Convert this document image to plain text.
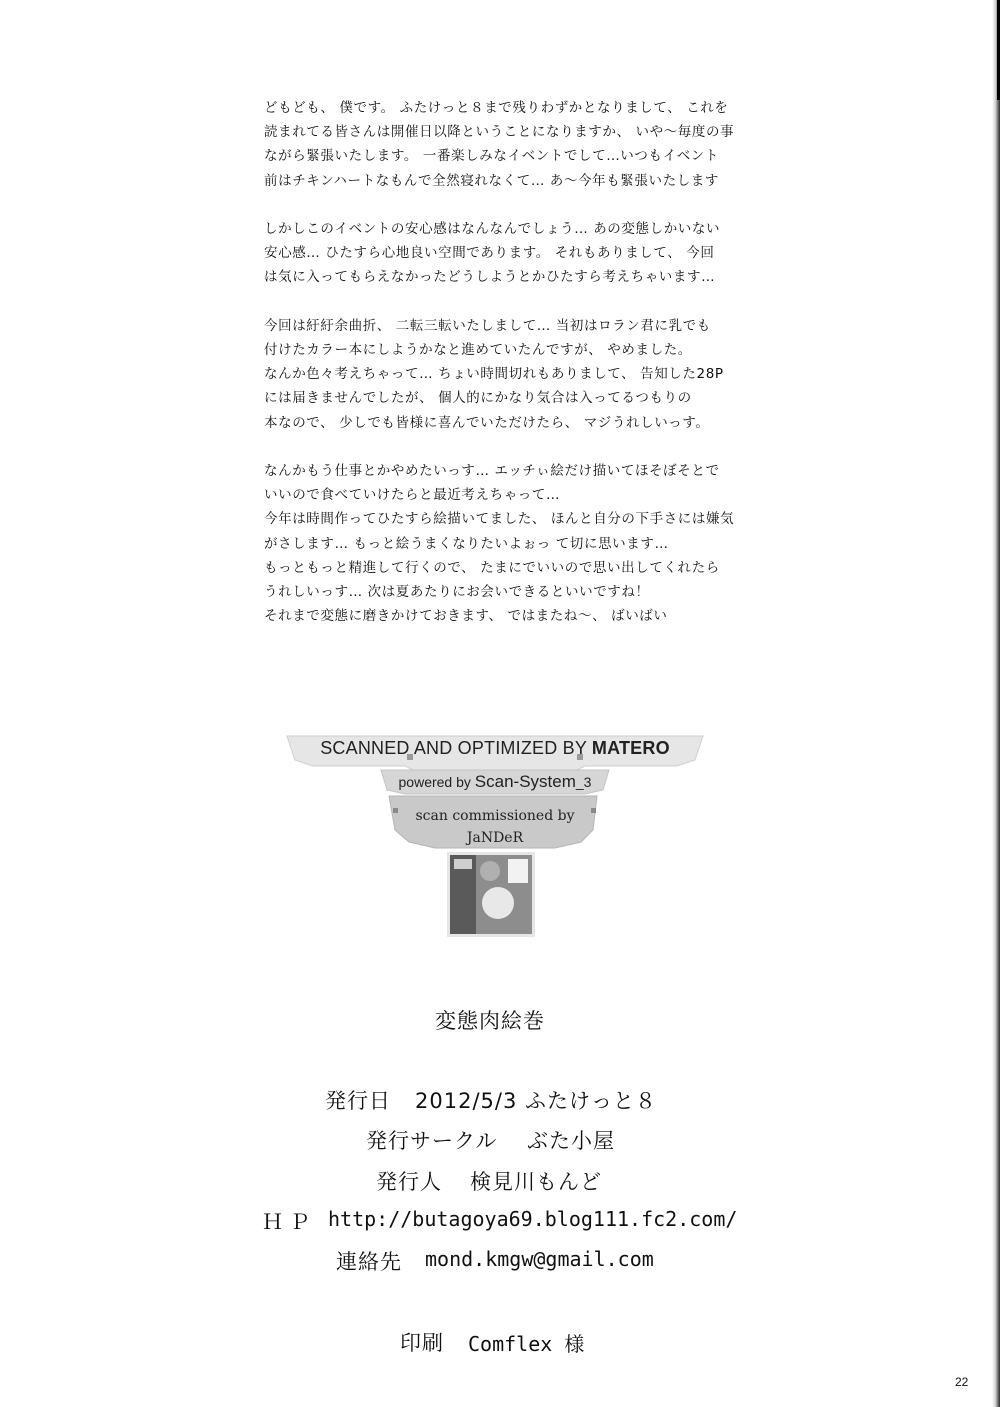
どもども、 僕です。 ふたけっと８まで残りわずかとなりまして、 これを
読まれてる皆さんは開催日以降ということになりますか、 いや〜毎度の事
ながら緊張いたします。 一番楽しみなイベントでして…いつもイベント
前はチキンハートなもんで全然寝れなくて… あ〜今年も緊張いたします
しかしこのイベントの安心感はなんなんでしょう… あの変態しかいない
安心感… ひたすら心地良い空間であります。 それもありまして、 今回
は気に入ってもらえなかったどうしようとかひたすら考えちゃいます…
今回は紆紆余曲折、 二転三転いたしまして… 当初はロラン君に乳でも
付けたカラー本にしようかなと進めていたんですが、 やめました。
なんか色々考えちゃって… ちょい時間切れもありまして、 告知した28P
には届きませんでしたが、 個人的にかなり気合は入ってるつもりの
本なので、 少しでも皆様に喜んでいただけたら、 マジうれしいっす。
なんかもう仕事とかやめたいっす… エッチぃ絵だけ描いてほそぼそとで
いいので食べていけたらと最近考えちゃって…
今年は時間作ってひたすら絵描いてました、 ほんと自分の下手さには嫌気
がさします… もっと絵うまくなりたいよぉっ て切に思います…
もっともっと精進して行くので、 たまにでいいので思い出してくれたら
うれしいっす… 次は夏あたりにお会いできるといいですね！
それまで変態に磨きかけておきます、 ではまたね〜、 ばいばい
SCANNED AND OPTIMIZED BY MATERO
powered by Scan-System_3
scan commissioned by
JaNDeR
変態肉絵巻
発行日 2012/5/3 ふたけっと８
発行サークル ぶた小屋
発行人 検見川もんど
ＨＰ http://butagoya69.blog111.fc2.com/
連絡先 mond.kmgw@gmail.com
印刷 Comflex 様
22
